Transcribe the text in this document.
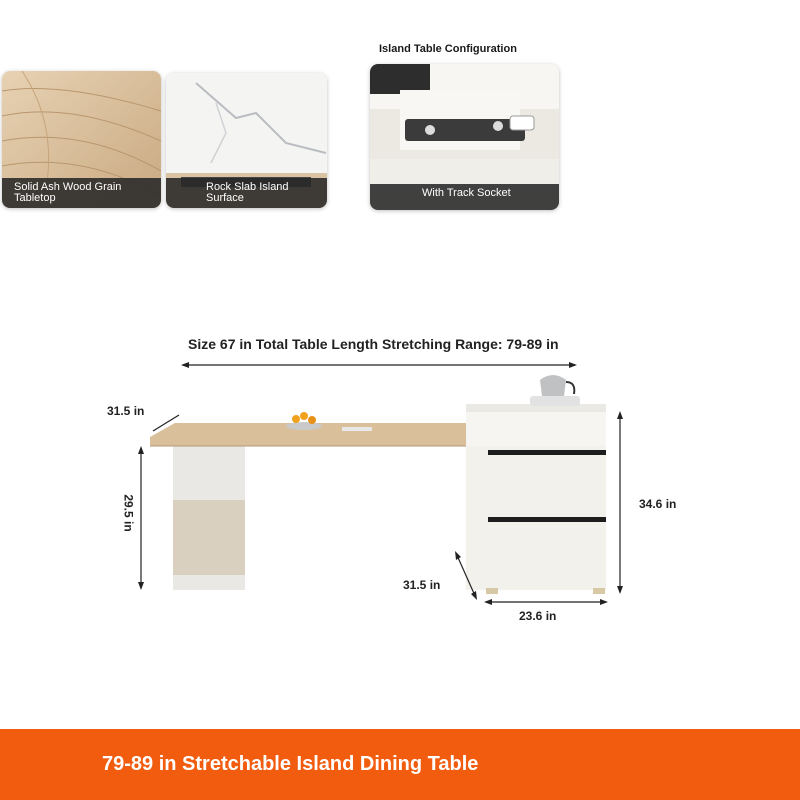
Solid Ash Wood Grain Tabletop
Rock Slab Island Surface
Island Table Configuration
With Track Socket
Size 67 in Total Table Length Stretching Range: 79-89 in
31.5 in
29.5 in	34.6 in
31.5 in
23.6 in
79-89 in Stretchable Island Dining Table
